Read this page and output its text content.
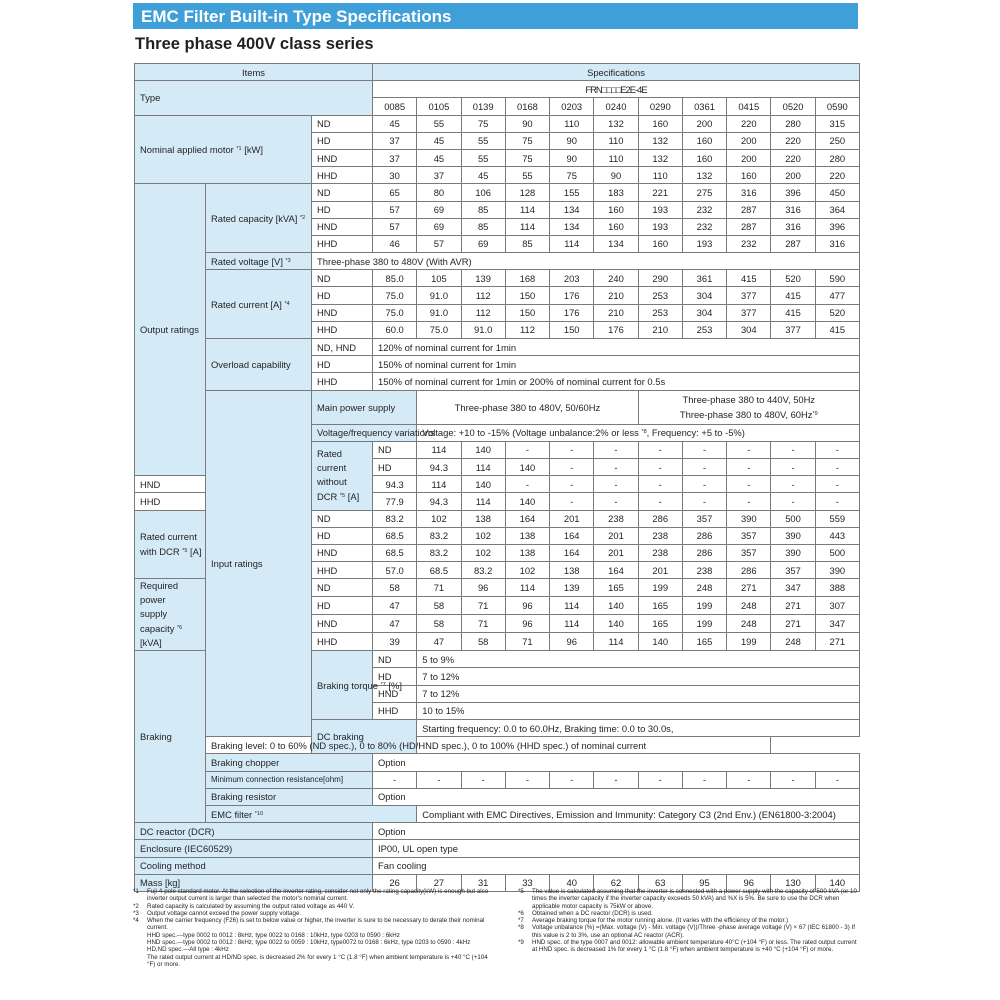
EMC Filter Built-in Type Specifications
Three phase 400V class series
Items			Specifications											
Type			FRN□□□□E2E-4E											
			0085	0105	0139	0168	0203	0240	0290	0361	0415	0520	0590	
Nominal applied motor $^{*1}$ [kW]		ND	45	55	75	90	110	132	160	200	220	280	315	
		HD	37	45	55	75	90	110	132	160	200	220	250	
		HND	37	45	55	75	90	110	132	160	200	220	280	
		HHD	30	37	45	55	75	90	110	132	160	200	220	
Output ratings	Rated capacity [kVA] $^{*2}$	ND	65	80	106	128	155	183	221	275	316	396	450	
		HD	57	69	85	114	134	160	193	232	287	316	364	
		HND	57	69	85	114	134	160	193	232	287	316	396	
		HHD	46	57	69	85	114	134	160	193	232	287	316	
	Rated voltage [V] $^{*3}$	Three-phase 380 to 480V (With AVR)												
	Rated current [A] $^{*4}$	ND	85.0	105	139	168	203	240	290	361	415	520	590	
		HD	75.0	91.0	112	150	176	210	253	304	377	415	477	
		HND	75.0	91.0	112	150	176	210	253	304	377	415	520	
		HHD	60.0	75.0	91.0	112	150	176	210	253	304	377	415	
	Overload capability	ND, HND	120% of nominal current for 1min											
		HD	150% of nominal current for 1min											
		HHD	150% of nominal current for 1min or 200% of nominal current for 0.5s											
	Input ratings	Main power supply		Three-phase 380 to 480V, 50/60Hz					Three-phase 380 to 440V, 50Hz
Three-phase 380 to 480V, 60Hz$^{*9}$
		Voltage/frequency variations		Voltage: +10 to -15% (Voltage unbalance:2% or less $^{*8}$, Frequency: +5 to -5%)										
		Rated current
without DCR $^{*5}$ [A]	ND	114	140	-	-	-	-	-	-	-	-	
			HD	94.3	114	140	-	-	-	-	-	-	-	
HND			94.3	114	140	-	-	-	-	-	-	-	-	
HHD			77.9	94.3	114	140	-	-	-	-	-	-	-	
Rated current
with DCR $^{*5}$ [A]		ND	83.2	102	138	164	201	238	286	357	390	500	559	
		HD	68.5	83.2	102	138	164	201	238	286	357	390	443	
		HND	68.5	83.2	102	138	164	201	238	286	357	390	500	
		HHD	57.0	68.5	83.2	102	138	164	201	238	286	357	390	
Required power
supply capacity $^{*6}$
[kVA]		ND	58	71	96	114	139	165	199	248	271	347	388	
		HD	47	58	71	96	114	140	165	199	248	271	307	
		HND	47	58	71	96	114	140	165	199	248	271	347	
		HHD	39	47	58	71	96	114	140	165	199	248	271	
Braking		Braking torque $^{*7}$ [%]	ND	5 to 9%										
			HD	7 to 12%										
			HND	7 to 12%										
			HHD	10 to 15%										
		DC braking		Starting frequency: 0.0 to 60.0Hz, Braking time: 0.0 to 30.0s,										
	Braking level: 0 to 60% (ND spec.), 0 to 80% (HD/HND spec.), 0 to 100% (HHD spec.) of nominal current													
	Braking chopper		Option											
	Minimum connection resistance[ohm]		-	-	-	-	-	-	-	-	-	-	-	
	Braking resistor		Option											
	EMC filter $^{*10}$			Compliant with EMC Directives, Emission and Immunity: Category C3 (2nd Env.) (EN61800-3:2004)										
DC reactor (DCR)			Option											
Enclosure (IEC60529)			IP00, UL open type											
Cooling method			Fan cooling											
Mass [kg]			26	27	31	33	40	62	63	95	96	130	140	
*1	Fuji 4-pole standard motor. At the selection of the inverter rating, consider not only the rating capacity(kW) is enough but also inverter output current is larger than selected the motor's nominal current.
*2	Rated capacity is calculated by assuming the output rated voltage as 440 V.
*3	Output voltage cannot exceed the power supply voltage.
*4	When the carrier frequency (F26) is set to below value or higher, the inverter is sure to be necessary to derate their nominal current.
HHD spec.---type 0002 to 0012 : 8kHz, type 0022 to 0168 : 10kHz, type 0203 to 0590 : 6kHz
HND spec.---type 0002 to 0012 : 8kHz, type 0022 to 0059 : 10kHz, type0072 to 0168 : 6kHz, type 0203 to 0590 : 4kHz
HD,ND spec.---All type : 4kHz
The rated output current at HD/ND spec. is decreased 2% for every 1 °C (1.8 °F) when ambient temperature is +40 °C (+104 °F) or more.
*5	The value is calculated assuming that the inverter is connected with a power supply with the capacity of 500 kVA (or 10 times the inverter capacity if the inverter capacity exceeds 50 kVA) and %X is 5%. Be sure to use the DCR when applicable motor capacity is 75kW or above.
*6	Obtained when a DC reactor (DCR) is used.
*7	Average braking torque for the motor running alone. (It varies with the efficiency of the motor.)
*8	Voltage unbalance (%) =(Max. voltage (V) - Min. voltage (V))/Three -phase average voltage (V) × 67 (IEC 61800 - 3) If this value is 2 to 3%, use an optional AC reactor (ACR).
*9	HND spec. of the type 0007 and 0012: allowable ambient temperature 40°C (+104 °F) or less. The rated output current at HND spec. is decreased 1% for every 1 °C (1.8 °F) when ambient temperature is +40 °C (+104 °F) or more.
